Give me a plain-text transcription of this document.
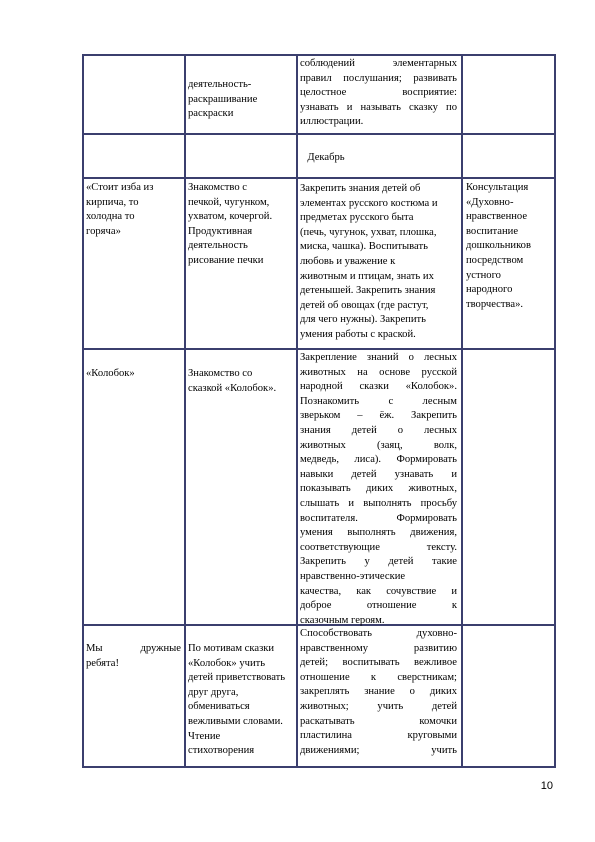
деятельность-
раскрашивание
раскраски
соблюдений элементарных
правил послушания; развивать
целостное восприятие:
узнавать и называть сказку по
иллюстрации.
Декабрь
«Стоит изба из
кирпича, то
холодна то
горяча»
Знакомство с
печкой, чугунком,
ухватом, кочергой.
Продуктивная
деятельность
рисование печки
Закрепить знания детей об
элементах русского костюма и
предметах русского быта
(печь, чугунок, ухват, плошка,
миска, чашка). Воспитывать
любовь и уважение к
животным и птицам, знать их
детенышей. Закрепить знания
детей об овощах (где растут,
для чего нужны). Закрепить
умения работы с краской.
Консультация
«Духовно-
нравственное
воспитание
дошкольников
посредством
устного
народного
творчества».
«Колобок»	Знакомство со
сказкой «Колобок».
Закрепление знаний о лесных
животных на основе русской
народной сказки «Колобок».
Познакомить с лесным
зверьком – ёж. Закрепить
знания детей о лесных
животных (заяц, волк,
медведь, лиса). Формировать
навыки детей узнавать и
показывать диких животных,
слышать и выполнять просьбу
воспитателя. Формировать
умения выполнять движения,
соответствующие тексту.
Закрепить у детей такие
нравственно-этические
качества, как сочувствие и
доброе отношение к
сказочным героям.
Мы дружные
ребята!
По мотивам сказки
«Колобок» учить
детей приветствовать
друг друга,
обмениваться
вежливыми словами.
Чтение
стихотворения
Способствовать духовно-
нравственному развитию
детей; воспитывать вежливое
отношение к сверстникам;
закреплять знание о диких
животных; учить детей
раскатывать комочки
пластилина круговыми
движениями; учить
10
